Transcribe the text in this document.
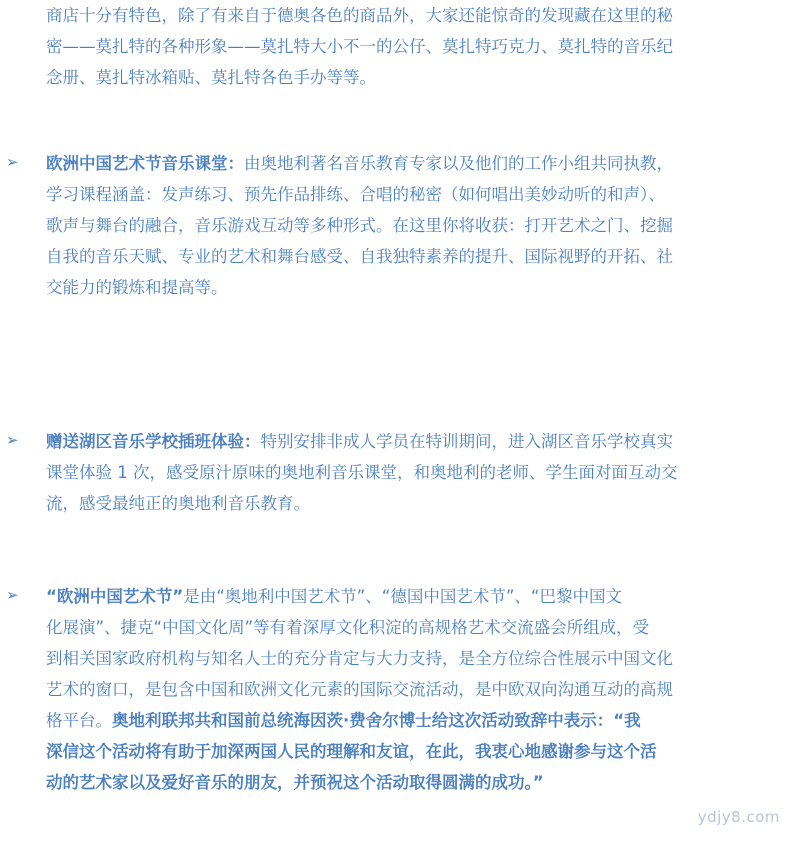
商店十分有特色，除了有来自于德奥各色的商品外，大家还能惊奇的发现藏在这里的秘
密——莫扎特的各种形象——莫扎特大小不一的公仔、莫扎特巧克力、莫扎特的音乐纪
念册、莫扎特冰箱贴、莫扎特各色手办等等。
➢ 欧洲中国艺术节音乐课堂：由奥地利著名音乐教育专家以及他们的工作小组共同执教，
学习课程涵盖：发声练习、预先作品排练、合唱的秘密（如何唱出美妙动听的和声）、
歌声与舞台的融合，音乐游戏互动等多种形式。在这里你将收获：打开艺术之门、挖掘
自我的音乐天赋、专业的艺术和舞台感受、自我独特素养的提升、国际视野的开拓、社
交能力的锻炼和提高等。
➢ 赠送湖区音乐学校插班体验：特别安排非成人学员在特训期间，进入湖区音乐学校真实
课堂体验 1 次，感受原汁原味的奥地利音乐课堂，和奥地利的老师、学生面对面互动交
流，感受最纯正的奥地利音乐教育。
➢ “欧洲中国艺术节”是由“奥地利中国艺术节”、“德国中国艺术节”、“巴黎中国文
化展演”、捷克“中国文化周”等有着深厚文化积淀的高规格艺术交流盛会所组成，受
到相关国家政府机构与知名人士的充分肯定与大力支持，是全方位综合性展示中国文化
艺术的窗口，是包含中国和欧洲文化元素的国际交流活动，是中欧双向沟通互动的高规
格平台。奥地利联邦共和国前总统海因茨·费舍尔博士给这次活动致辞中表示：“我
深信这个活动将有助于加深两国人民的理解和友谊，在此，我衷心地感谢参与这个活
动的艺术家以及爱好音乐的朋友，并预祝这个活动取得圆满的成功。”
ydjy8.com
